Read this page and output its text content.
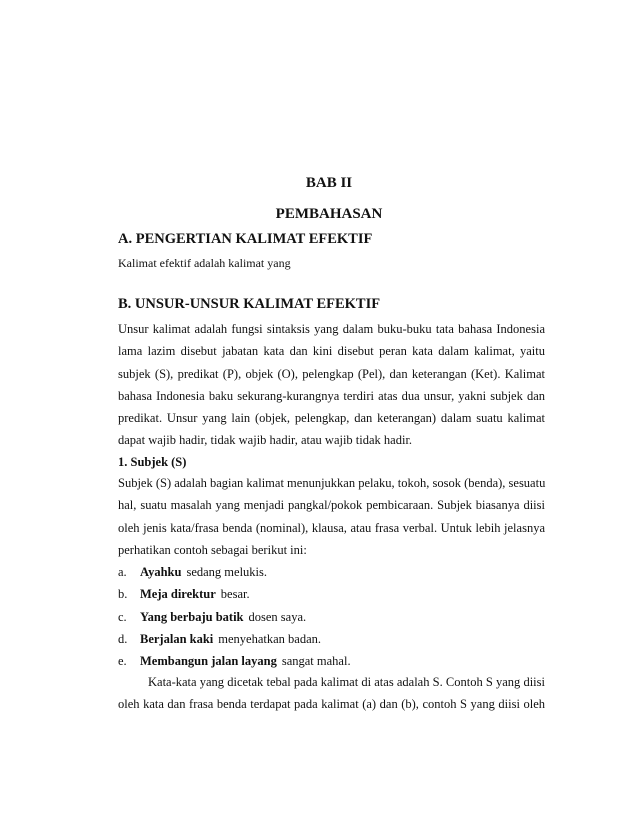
BAB II
PEMBAHASAN
A. PENGERTIAN KALIMAT EFEKTIF
Kalimat efektif adalah kalimat yang
B. UNSUR-UNSUR KALIMAT EFEKTIF
Unsur kalimat adalah fungsi sintaksis yang dalam buku-buku tata bahasa Indonesia
lama lazim disebut jabatan kata dan kini disebut peran kata dalam kalimat, yaitu
subjek (S), predikat (P), objek (O), pelengkap (Pel), dan keterangan (Ket). Kalimat
bahasa Indonesia baku sekurang-kurangnya terdiri atas dua unsur, yakni subjek dan
predikat. Unsur yang lain (objek, pelengkap, dan keterangan) dalam suatu kalimat
dapat wajib hadir, tidak wajib hadir, atau wajib tidak hadir.
1. Subjek (S)
Subjek (S) adalah bagian kalimat menunjukkan pelaku, tokoh, sosok (benda), sesuatu
hal, suatu masalah yang menjadi pangkal/pokok pembicaraan. Subjek biasanya diisi
oleh jenis kata/frasa benda (nominal), klausa, atau frasa verbal. Untuk lebih jelasnya
perhatikan contoh sebagai berikut ini:
a.	Ayahku sedang melukis.
b.	Meja direktur besar.
c.	Yang berbaju batik dosen saya.
d.	Berjalan kaki menyehatkan badan.
e.	Membangun jalan layang sangat mahal.
Kata-kata yang dicetak tebal pada kalimat di atas adalah S. Contoh S yang diisi
oleh kata dan frasa benda terdapat pada kalimat (a) dan (b), contoh S yang diisi oleh
